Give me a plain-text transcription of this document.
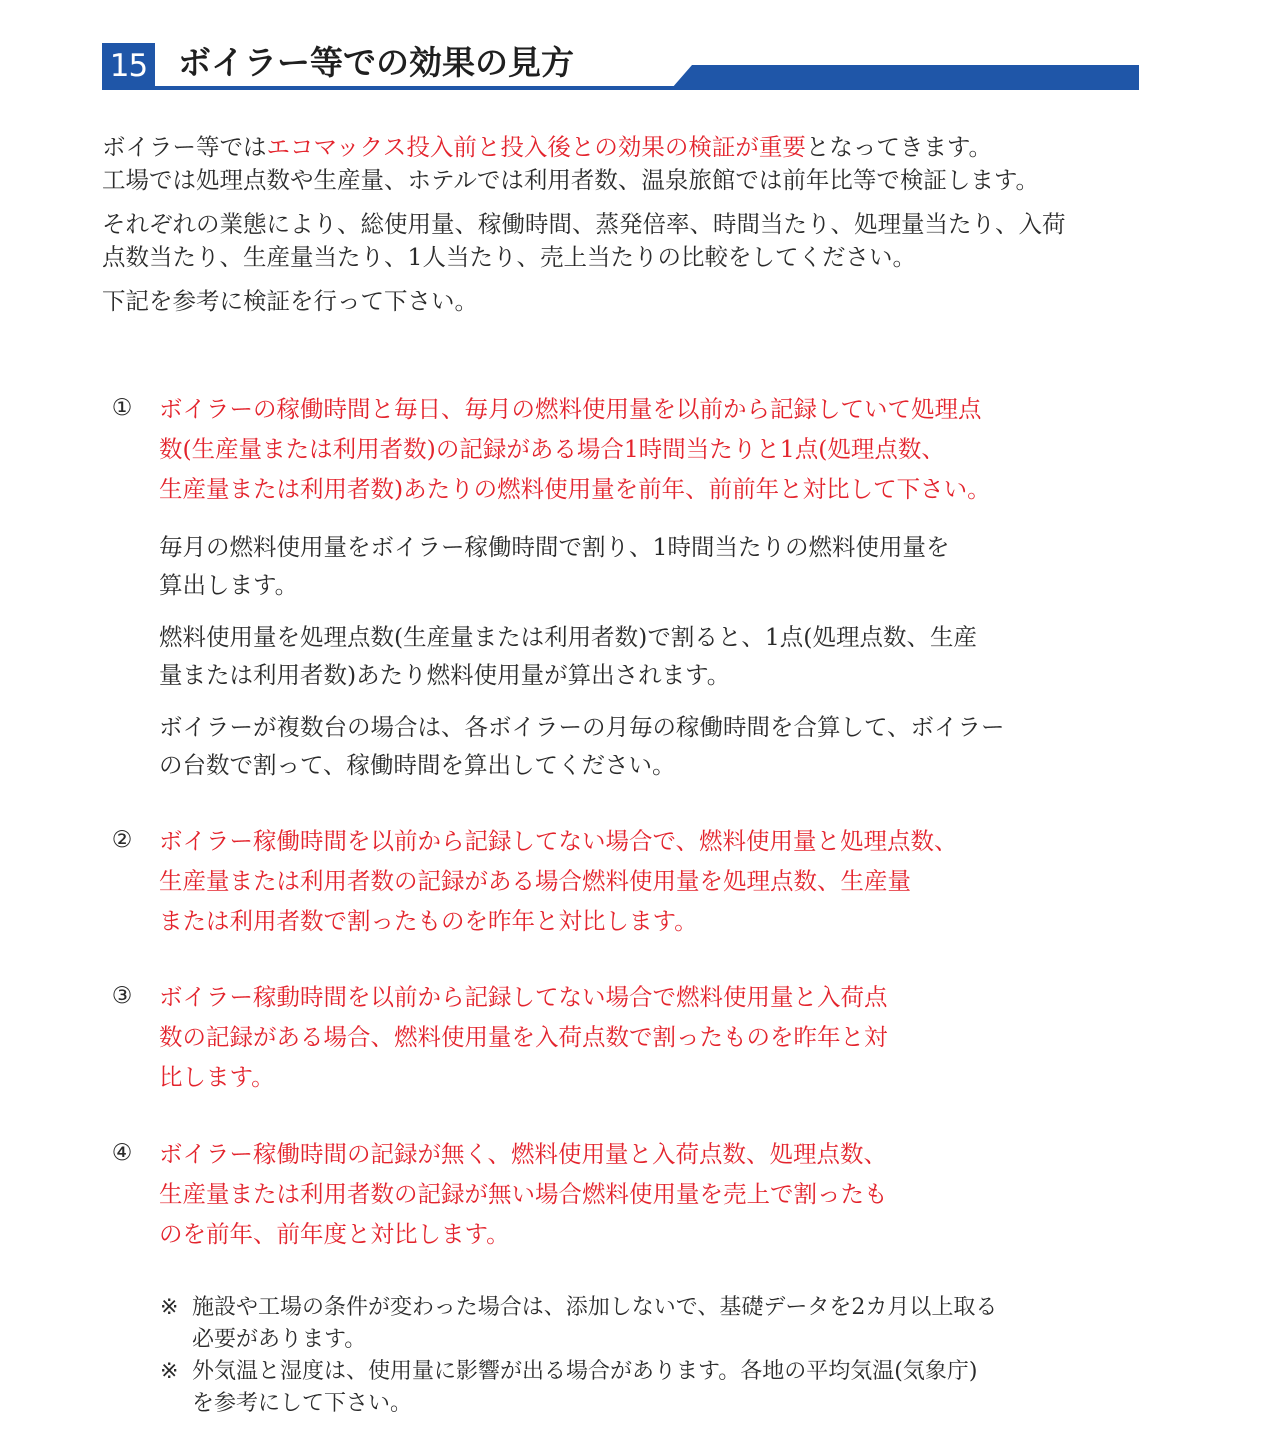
15 ボイラー等での効果の見方

ボイラー等ではエコマックス投入前と投入後との効果の検証が重要となってきます。

工場では処理点数や生産量、ホテルでは利用者数、温泉旅館では前年比等で検証します。

それぞれの業態により、総使用量、稼働時間、蒸発倍率、時間当たり、処理量当たり、入荷

点数当たり、生産量当たり、1人当たり、売上当たりの比較をしてください。

下記を参考に検証を行って下さい。

①	ボイラーの稼働時間と毎日、毎月の燃料使用量を以前から記録していて処理点

数(生産量または利用者数)の記録がある場合1時間当たりと1点(処理点数、

生産量または利用者数)あたりの燃料使用量を前年、前前年と対比して下さい。

毎月の燃料使用量をボイラー稼働時間で割り、1時間当たりの燃料使用量を

算出します。

燃料使用量を処理点数(生産量または利用者数)で割ると、1点(処理点数、生産

量または利用者数)あたり燃料使用量が算出されます。

ボイラーが複数台の場合は、各ボイラーの月毎の稼働時間を合算して、ボイラー

の台数で割って、稼働時間を算出してください。

②	ボイラー稼働時間を以前から記録してない場合で、燃料使用量と処理点数、

生産量または利用者数の記録がある場合燃料使用量を処理点数、生産量

または利用者数で割ったものを昨年と対比します。

③	ボイラー稼動時間を以前から記録してない場合で燃料使用量と入荷点

数の記録がある場合、燃料使用量を入荷点数で割ったものを昨年と対

比します。

④	ボイラー稼働時間の記録が無く、燃料使用量と入荷点数、処理点数、

生産量または利用者数の記録が無い場合燃料使用量を売上で割ったも

のを前年、前年度と対比します。

※ 施設や工場の条件が変わった場合は、添加しないで、基礎データを2カ月以上取る
必要があります。
※ 外気温と湿度は、使用量に影響が出る場合があります。各地の平均気温(気象庁)
を参考にして下さい。
